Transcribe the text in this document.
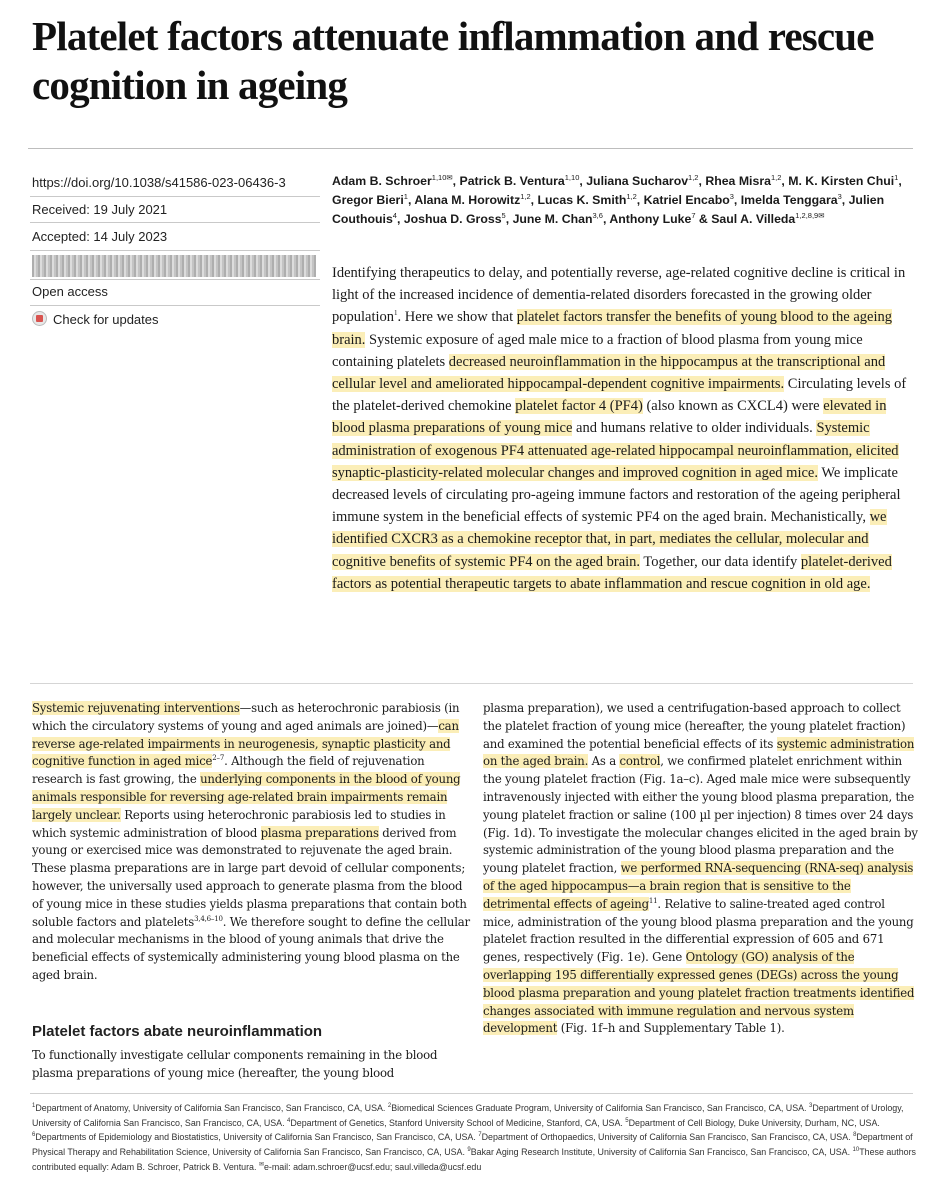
Platelet factors attenuate inflammation and rescue cognition in ageing
https://doi.org/10.1038/s41586-023-06436-3
Received: 19 July 2021
Accepted: 14 July 2023
Open access
Check for updates
Adam B. Schroer$^{1,10✉}$, Patrick B. Ventura$^{1,10}$, Juliana Sucharov$^{1,2}$, Rhea Misra$^{1,2}$, M. K. Kirsten Chui$^1$, Gregor Bieri$^1$, Alana M. Horowitz$^{1,2}$, Lucas K. Smith$^{1,2}$, Katriel Encabo$^3$, Imelda Tenggara$^3$, Julien Couthouis$^4$, Joshua D. Gross$^5$, June M. Chan$^{3,6}$, Anthony Luke$^7$ & Saul A. Villeda$^{1,2,8,9✉}$
Identifying therapeutics to delay, and potentially reverse, age-related cognitive decline is critical in light of the increased incidence of dementia-related disorders forecasted in the growing older population$^1$. Here we show that platelet factors transfer the benefits of young blood to the ageing brain. Systemic exposure of aged male mice to a fraction of blood plasma from young mice containing platelets decreased neuroinflammation in the hippocampus at the transcriptional and cellular level and ameliorated hippocampal-dependent cognitive impairments. Circulating levels of the platelet-derived chemokine platelet factor 4 (PF4) (also known as CXCL4) were elevated in blood plasma preparations of young mice and humans relative to older individuals. Systemic administration of exogenous PF4 attenuated age-related hippocampal neuroinflammation, elicited synaptic-plasticity-related molecular changes and improved cognition in aged mice. We implicate decreased levels of circulating pro-ageing immune factors and restoration of the ageing peripheral immune system in the beneficial effects of systemic PF4 on the aged brain. Mechanistically, we identified CXCR3 as a chemokine receptor that, in part, mediates the cellular, molecular and cognitive benefits of systemic PF4 on the aged brain. Together, our data identify platelet-derived factors as potential therapeutic targets to abate inflammation and rescue cognition in old age.
Systemic rejuvenating interventions—such as heterochronic parabiosis (in which the circulatory systems of young and aged animals are joined)—can reverse age-related impairments in neurogenesis, synaptic plasticity and cognitive function in aged mice$^{2-7}$. Although the field of rejuvenation research is fast growing, the underlying components in the blood of young animals responsible for reversing age-related brain impairments remain largely unclear. Reports using heterochronic parabiosis led to studies in which systemic administration of blood plasma preparations derived from young or exercised mice was demonstrated to rejuvenate the aged brain. These plasma preparations are in large part devoid of cellular components; however, the universally used approach to generate plasma from the blood of young mice in these studies yields plasma preparations that contain both soluble factors and platelets$^{3,4,6-10}$. We therefore sought to define the cellular and molecular mechanisms in the blood of young animals that drive the beneficial effects of systemically administering young blood plasma on the aged brain.
Platelet factors abate neuroinflammation
To functionally investigate cellular components remaining in the blood plasma preparations of young mice (hereafter, the young blood
plasma preparation), we used a centrifugation-based approach to collect the platelet fraction of young mice (hereafter, the young platelet fraction) and examined the potential beneficial effects of its systemic administration on the aged brain. As a control, we confirmed platelet enrichment within the young platelet fraction (Fig. 1a–c). Aged male mice were subsequently intravenously injected with either the young blood plasma preparation, the young platelet fraction or saline (100 µl per injection) 8 times over 24 days (Fig. 1d). To investigate the molecular changes elicited in the aged brain by systemic administration of the young blood plasma preparation and the young platelet fraction, we performed RNA-sequencing (RNA-seq) analysis of the aged hippocampus—a brain region that is sensitive to the detrimental effects of ageing$^{11}$. Relative to saline-treated aged control mice, administration of the young blood plasma preparation and the young platelet fraction resulted in the differential expression of 605 and 671 genes, respectively (Fig. 1e). Gene Ontology (GO) analysis of the overlapping 195 differentially expressed genes (DEGs) across the young blood plasma preparation and young platelet fraction treatments identified changes associated with immune regulation and nervous system development (Fig. 1f–h and Supplementary Table 1).
$^1$Department of Anatomy, University of California San Francisco, San Francisco, CA, USA. $^2$Biomedical Sciences Graduate Program, University of California San Francisco, San Francisco, CA, USA. $^3$Department of Urology, University of California San Francisco, San Francisco, CA, USA. $^4$Department of Genetics, Stanford University School of Medicine, Stanford, CA, USA. $^5$Department of Cell Biology, Duke University, Durham, NC, USA. $^6$Departments of Epidemiology and Biostatistics, University of California San Francisco, San Francisco, CA, USA. $^7$Department of Orthopaedics, University of California San Francisco, San Francisco, CA, USA. $^8$Department of Physical Therapy and Rehabilitation Science, University of California San Francisco, San Francisco, CA, USA. $^9$Bakar Aging Research Institute, University of California San Francisco, San Francisco, CA, USA. $^{10}$These authors contributed equally: Adam B. Schroer, Patrick B. Ventura. ✉e-mail: adam.schroer@ucsf.edu; saul.villeda@ucsf.edu
